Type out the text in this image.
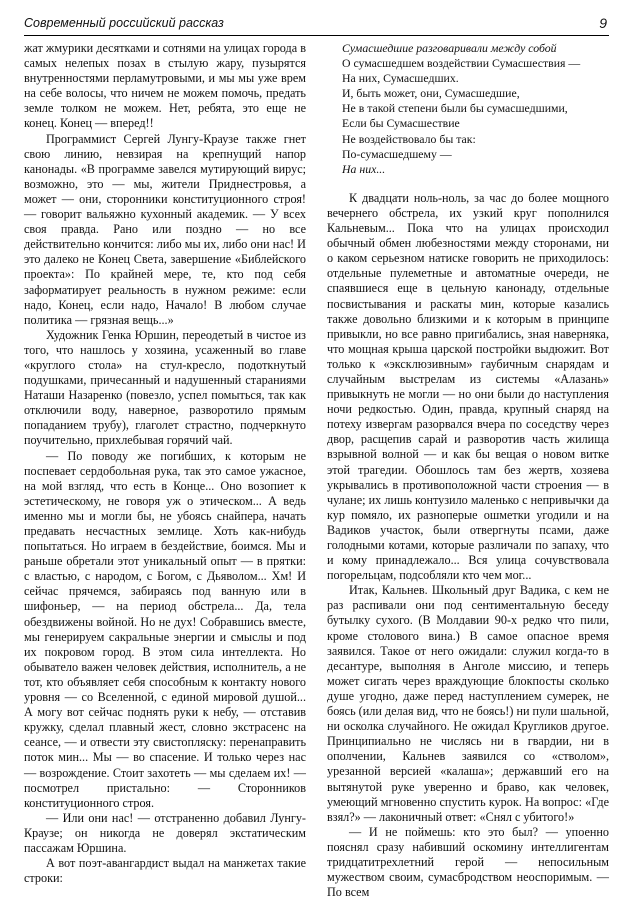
Современный российский рассказ	9

жат жмурики десятками и сотнями на улицах города в самых нелепых позах в стылую жару, пузырятся внутренностями перламутровыми, и мы мы уже врем на себе волосы, что ничем не можем помочь, предать земле толком не можем. Нет, ребята, это еще не конец. Конец — вперед!!

Программист Сергей Лунгу-Краузе также гнет свою линию, невзирая на крепнущий напор канонады. «В программе завелся мутирующий вирус; возможно, это — мы, жители Приднестровья, а может — они, сторонники конституционного строя! — говорит вальяжно кухонный академик. — У всех своя правда. Рано или поздно — но все действительно кончится: либо мы их, либо они нас! И это далеко не Конец Света, завершение «Библейского проекта»: По крайней мере, те, кто под себя заформатирует реальность в нужном режиме: если надо, Конец, если надо, Начало! В любом случае политика — грязная вещь...»

Художник Генка Юршин, переодетый в чистое из того, что нашлось у хозяина, усаженный во главе «круглого стола» на стул-кресло, подоткнутый подушками, причесанный и надушенный стараниями Наташи Назаренко (повезло, успел помыться, так как отключили воду, наверное, разворотило прямым попаданием трубу), глаголет страстно, подчеркнуто поучительно, прихлебывая горячий чай.

— По поводу же погибших, к которым не поспевает сердобольная рука, так это самое ужасное, на мой взгляд, что есть в Конце... Оно возопиет к эстетическому, не говоря уж о этическом... А ведь именно мы и могли бы, не убоясь снайпера, начать предавать несчастных землице. Хоть как-нибудь попытаться. Но играем в бездействие, боимся. Мы и раньше обретали этот уникальный опыт — в прятки: с властью, с народом, с Богом, с Дьяволом... Хм! И сейчас прячемся, забираясь под ванную или в шифоньер, — на период обстрела... Да, тела обездвижены войной. Но не дух! Собравшись вместе, мы генерируем сакральные энергии и смыслы и под их покровом город. В этом сила интеллекта. Но обыватело важен человек действия, исполнитель, а не тот, кто объявляет себя способным к контакту нового уровня — со Вселенной, с единой мировой душой... А могу вот сейчас поднять руки к небу, — отставив кружку, сделал плавный жест, словно экстрасенс на сеансе, — и отвести эту свистопляску: перенаправить поток мин... Мы — во спасение. И только через нас — возрождение. Стоит захотеть — мы сделаем их! — посмотрел пристально: — Сторонников конституционного строя.

— Или они нас! — отстраненно добавил Лунгу-Краузе; он никогда не доверял экстатическим пассажам Юршина.

А вот поэт-авангардист выдал на манжетах такие строки:

Сумасшедшие разговаривали между собой
О сумасшедшем воздействии Сумасшествия —
На них, Сумасшедших.
И, быть может, они, Сумасшедшие,
Не в такой степени были бы сумасшедшими,
Если бы Сумасшествие
Не воздействовало бы так:
По-сумасшедшему —
На них...

К двадцати ноль-ноль, за час до более мощного вечернего обстрела, их узкий круг пополнился Кальневым... Пока что на улицах происходил обычный обмен любезностями между сторонами, ни о каком серьезном натиске говорить не приходилось: отдельные пулеметные и автоматные очереди, не спаявшиеся еще в цельную канонаду, отдельные посвистывания и раскаты мин, которые казались также довольно близкими и к которым в принципе привыкли, но все равно пригибались, зная наверняка, что мощная крыша царской постройки выдюжит. Вот только к «эксклюзивным» гаубичным снарядам и случайным выстрелам из системы «Алазань» привыкнуть не могли — но они были до наступления ночи редкостью. Один, правда, крупный снаряд на потеху извергам разорвался вчера по соседству через двор, расщепив сарай и разворотив часть жилища взрывной волной — и как бы вещая о новом витке этой трагедии. Обошлось там без жертв, хозяева укрывались в противоположной части строения — в чулане; их лишь контузило маленько с непривычки да кур помяло, их разноперые ошметки угодили и на Вадиков участок, были отвергнуты псами, даже голодными котами, которые различали по запаху, что и кому принадлежало... Вся улица сочувствовала погорельцам, подсобляли кто чем мог...

Итак, Кальнев. Школьный друг Вадика, с кем не раз распивали они под сентиментальную беседу бутылку сухого. (В Молдавии 90-х редко что пили, кроме столового вина.) В самое опасное время заявился. Такое от него ожидали: служил когда-то в десантуре, выполняя в Анголе миссию, и теперь может сигать через враждующие блокпосты сколько душе угодно, даже перед наступлением сумерек, не боясь (или делая вид, что не боясь!) ни пули шальной, ни осколка случайного. Не ожидал Кругликов другое. Принципиально не числясь ни в гвардии, ни в ополчении, Кальнев заявился со «стволом», урезанной версией «калаша»; державший его на вытянутой руке уверенно и браво, как человек, умеющий мгновенно спустить курок. На вопрос: «Где взял?» — лаконичный ответ: «Снял с убитого!»

— И не поймешь: кто это был? — упоенно пояснял сразу набивший оскомину интеллигентам тридцатитрехлетний герой — непосильным мужеством своим, сумасбродством неоспоримым. — По всем
